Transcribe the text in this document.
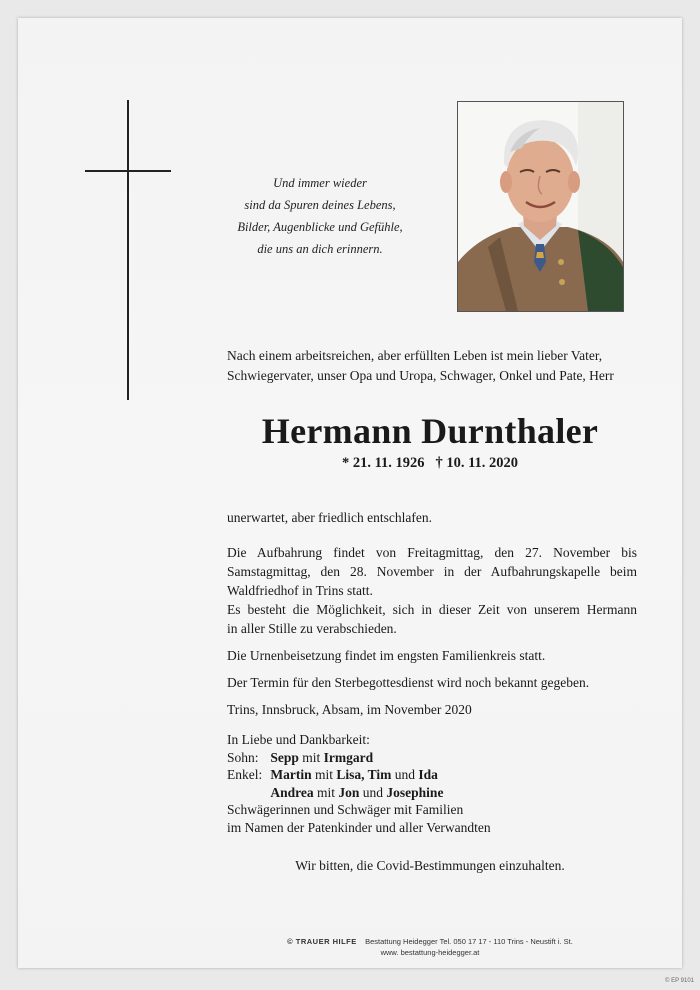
Und immer wieder
sind da Spuren deines Lebens,
Bilder, Augenblicke und Gefühle,
die uns an dich erinnern.
Nach einem arbeitsreichen, aber erfüllten Leben ist mein lieber Vater,
Schwiegervater, unser Opa und Uropa, Schwager, Onkel und Pate, Herr
Hermann Durnthaler
* 21. 11. 1926 † 10. 11. 2020
unerwartet, aber friedlich entschlafen.
Die Aufbahrung findet von Freitagmittag, den 27. November bis
Samstagmittag, den 28. November in der Aufbahrungskapelle beim
Waldfriedhof in Trins statt.
Es besteht die Möglichkeit, sich in dieser Zeit von unserem Hermann
in aller Stille zu verabschieden.
Die Urnenbeisetzung findet im engsten Familienkreis statt.
Der Termin für den Sterbegottesdienst wird noch bekannt gegeben.
Trins, Innsbruck, Absam, im November 2020
In Liebe und Dankbarkeit:
Sohn: Sepp mit Irmgard
Enkel: Martin mit Lisa, Tim und Ida
Andrea mit Jon und Josephine
Schwägerinnen und Schwäger mit Familien
im Namen der Patenkinder und aller Verwandten
Wir bitten, die Covid-Bestimmungen einzuhalten.
© TRAUER HILFE Bestattung Heidegger Tel. 050 17 17 - 110 Trins - Neustift i. St.
www. bestattung-heidegger.at
© EP 9101
